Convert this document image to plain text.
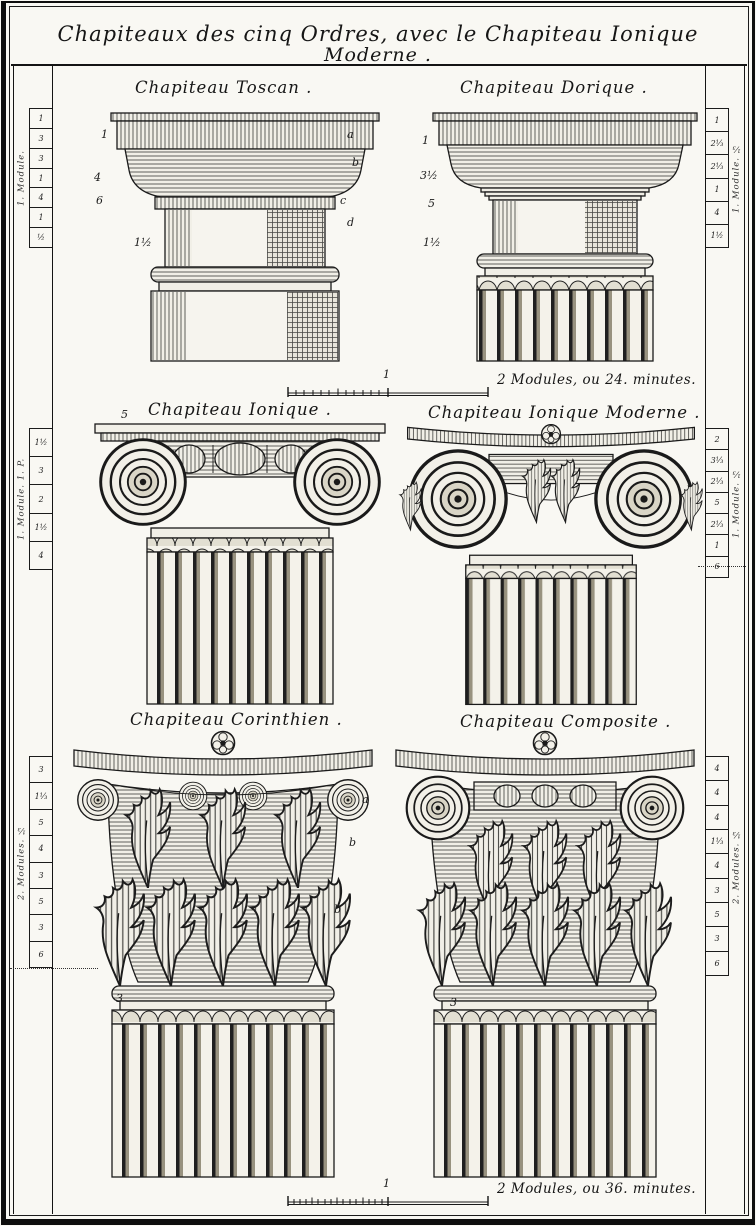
Chapiteaux des cinq Ordres, avec le Chapiteau Ionique
Moderne .
1. Module.
1
3
3
1
4
1
½
1. Module. 1. P.
1½
3
2
1½
4
2. Modules. ⅓
3
1⅓
5
4
3
5
3
6
1. Module. ⅓
1
2⅓
2⅓
1
4
1½
1. Module. ⅓
2
3⅓
2⅓
5
2⅓
1
6
2. Modules. ⅓
4
4
4
1⅓
4
3
5
3
6
Chapiteau Toscan .	Chapiteau Dorique .
Chapiteau Ionique .	Chapiteau Ionique Moderne .
Chapiteau Corinthien .	Chapiteau Composite .
1
4
6
1½
a
b
c
d
1
3½
5
1½
1	2 Modules, ou 24. minutes.
5
a
b
b
3	3
1	2 Modules, ou 36. minutes.
